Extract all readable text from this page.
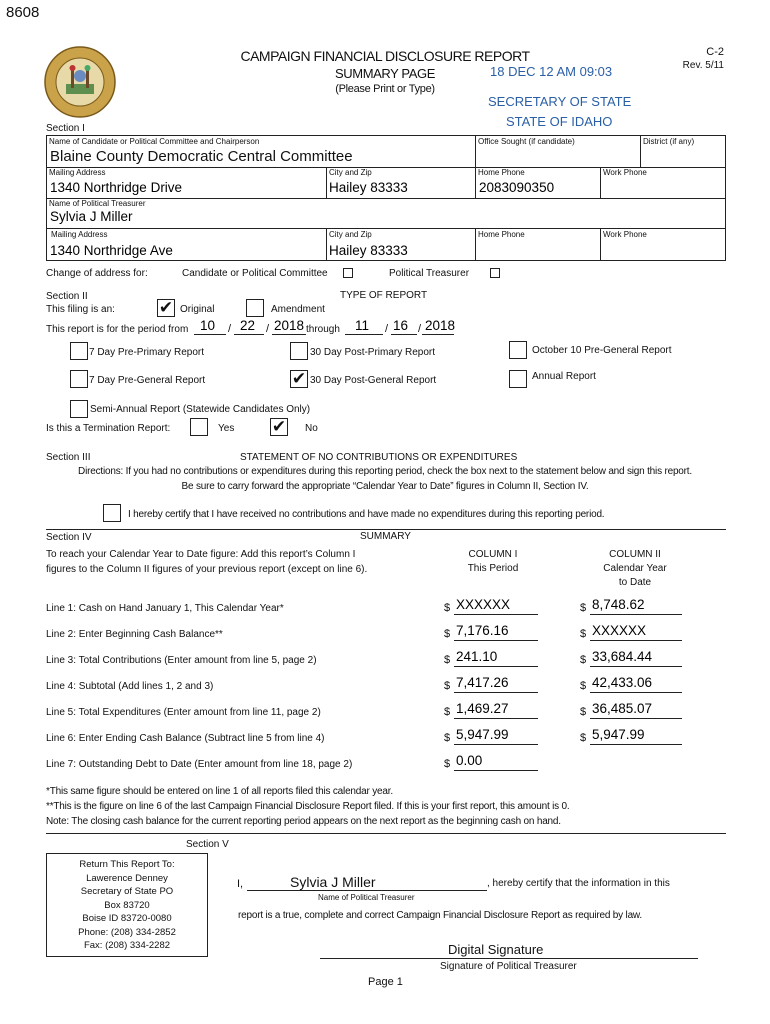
8608
CAMPAIGN FINANCIAL DISCLOSURE REPORT
SUMMARY PAGE
(Please Print or Type)
C-2
Rev. 5/11
18 DEC 12 AM 09:03
SECRETARY OF STATE
STATE OF IDAHO
Section I
Name of Candidate or Political Committee and Chairperson	Office Sought (if candidate)	District (if any)
Blaine County Democratic Central Committee
Mailing Address	City and Zip	Home Phone	Work Phone
1340 Northridge Drive	Hailey 83333	2083090350
Name of Political Treasurer
Sylvia J Miller
Mailing Address	City and Zip	Home Phone	Work Phone
1340 Northridge Ave	Hailey 83333
Change of address for:	Candidate or Political Committee	Political Treasurer
Section II	TYPE OF REPORT
This filing is an:	✔ Original	Amendment
This report is for the period from 10 / 22 / 2018 through 11 / 16 / 2018
7 Day Pre-Primary Report	30 Day Post-Primary Report	October 10 Pre-General Report
7 Day Pre-General Report	✔ 30 Day Post-General Report	Annual Report
Semi-Annual Report (Statewide Candidates Only)
Is this a Termination Report:	Yes ✔ No
Section III	STATEMENT OF NO CONTRIBUTIONS OR EXPENDITURES
Directions: If you had no contributions or expenditures during this reporting period, check the box next to the statement below and sign this report.
Be sure to carry forward the appropriate “Calendar Year to Date” figures in Column II, Section IV.
I hereby certify that I have received no contributions and have made no expenditures during this reporting period.
Section IV	SUMMARY
To reach your Calendar Year to Date figure: Add this report’s Column I
figures to the Column II figures of your previous report (except on line 6).
COLUMN I
This Period
COLUMN II
Calendar Year
to Date
Line 1: Cash on Hand January 1, This Calendar Year*	$ XXXXXX	$ 8,748.62
Line 2: Enter Beginning Cash Balance**	$ 7,176.16	$ XXXXXX
Line 3: Total Contributions (Enter amount from line 5, page 2)	$ 241.10	$ 33,684.44
Line 4: Subtotal (Add lines 1, 2 and 3)	$ 7,417.26	$ 42,433.06
Line 5: Total Expenditures (Enter amount from line 11, page 2)	$ 1,469.27	$ 36,485.07
Line 6: Enter Ending Cash Balance (Subtract line 5 from line 4)	$ 5,947.99	$ 5,947.99
Line 7: Outstanding Debt to Date (Enter amount from line 18, page 2)	$ 0.00
*This same figure should be entered on line 1 of all reports filed this calendar year.
**This is the figure on line 6 of the last Campaign Financial Disclosure Report filed. If this is your first report, this amount is 0.
Note: The closing cash balance for the current reporting period appears on the next report as the beginning cash on hand.
Section V
Return This Report To:
Lawerence Denney
Secretary of State PO
Box 83720
Boise ID 83720-0080
Phone: (208) 334-2852
Fax: (208) 334-2282
I,	Sylvia J Miller	, hereby certify that the information in this
Name of Political Treasurer
report is a true, complete and correct Campaign Financial Disclosure Report as required by law.
Digital Signature
Signature of Political Treasurer
Page 1
